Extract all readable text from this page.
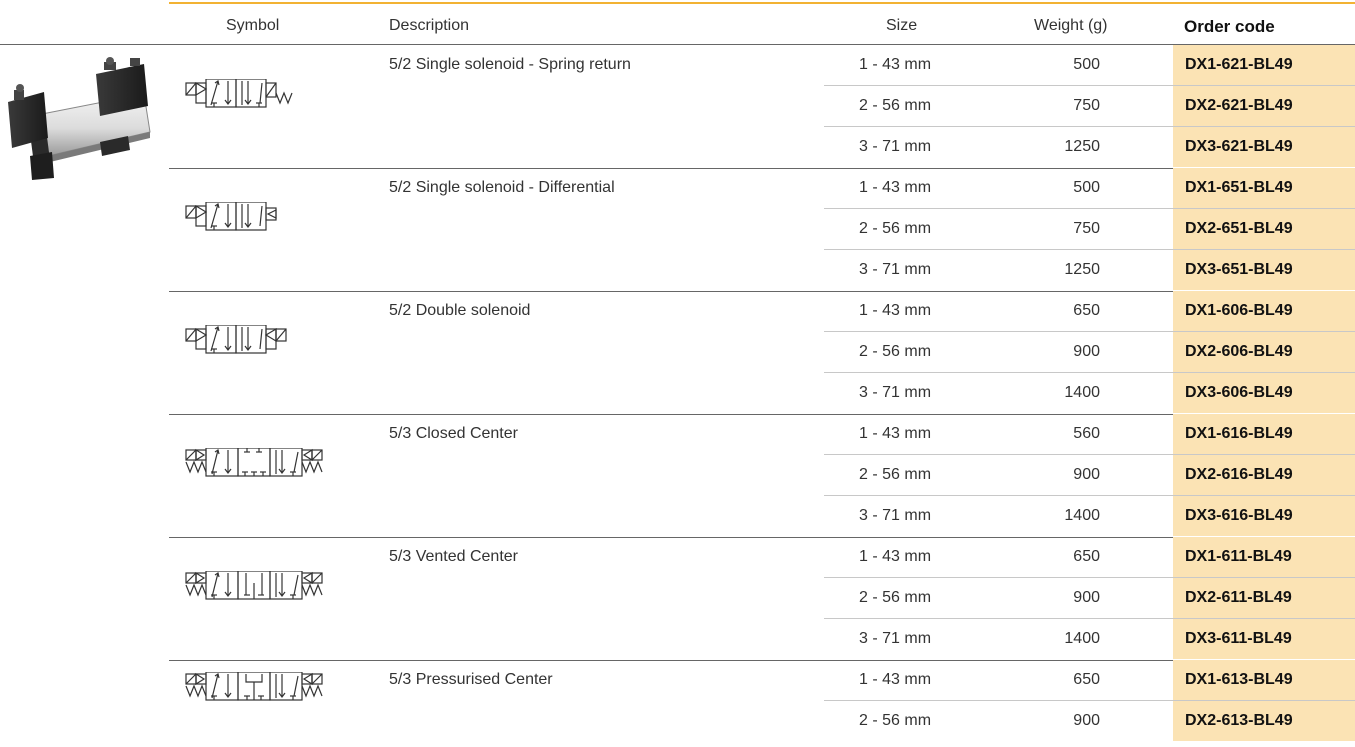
Symbol	Description	Size	Weight (g)	Order code
5/2 Single solenoid - Spring return	1 - 43 mm	500	DX1-621-BL49
2 - 56 mm	750	DX2-621-BL49
3 - 71 mm	1250	DX3-621-BL49
5/2 Single solenoid - Differential	1 - 43 mm	500	DX1-651-BL49
2 - 56 mm	750	DX2-651-BL49
3 - 71 mm	1250	DX3-651-BL49
5/2 Double solenoid	1 - 43 mm	650	DX1-606-BL49
2 - 56 mm	900	DX2-606-BL49
3 - 71 mm	1400	DX3-606-BL49
5/3 Closed Center	1 - 43 mm	560	DX1-616-BL49
2 - 56 mm	900	DX2-616-BL49
3 - 71 mm	1400	DX3-616-BL49
5/3 Vented Center	1 - 43 mm	650	DX1-611-BL49
2 - 56 mm	900	DX2-611-BL49
3 - 71 mm	1400	DX3-611-BL49
5/3 Pressurised Center	1 - 43 mm	650	DX1-613-BL49
2 - 56 mm	900	DX2-613-BL49
